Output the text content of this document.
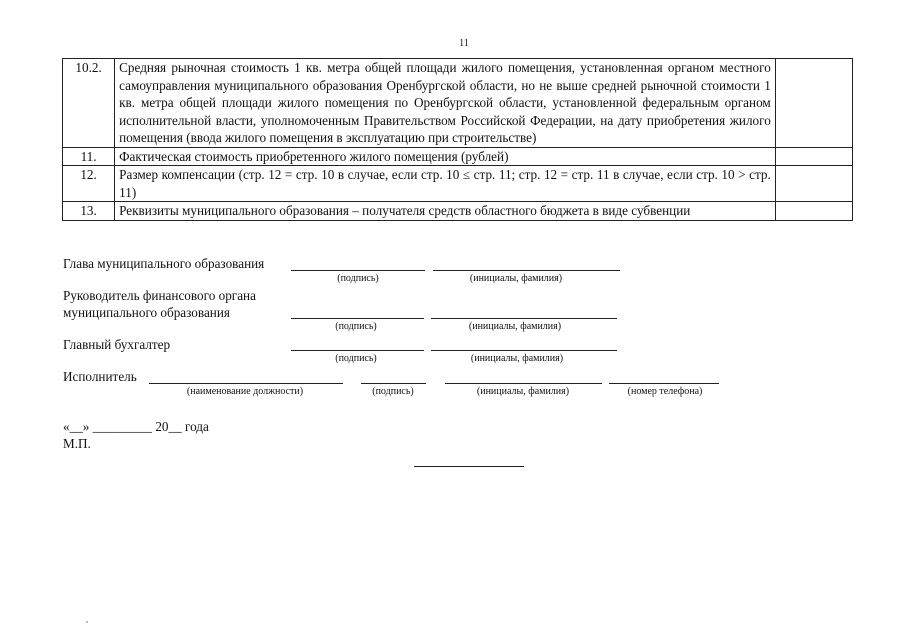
11
10.2.	Средняя рыночная стоимость 1 кв. метра общей площади жилого помещения, установленная органом местного самоуправления муниципального образования Оренбургской области, но не выше средней рыночной стоимости 1 кв. метра общей площади жилого помещения по Оренбургской области, установленной федеральным органом исполнительной власти, уполномоченным Правительством Российской Федерации, на дату приобретения жилого помещения (ввода жилого помещения в эксплуатацию при строительстве)	
11.	Фактическая стоимость приобретенного жилого помещения (рублей)	
12.	Размер компенсации (стр. 12 = стр. 10 в случае, если стр. 10 ≤ стр. 11; стр. 12 = стр. 11 в случае, если стр. 10 > стр. 11)	
13.	Реквизиты муниципального образования – получателя средств областного бюджета в виде субвенции	
Глава муниципального образования
(подпись)	(инициалы, фамилия)
Руководитель финансового органа
муниципального образования
(подпись)	(инициалы, фамилия)
Главный бухгалтер
(подпись)	(инициалы, фамилия)
Исполнитель
(наименование должности)	(подпись)	(инициалы, фамилия)	(номер телефона)
«__» _________ 20__ года
М.П.
